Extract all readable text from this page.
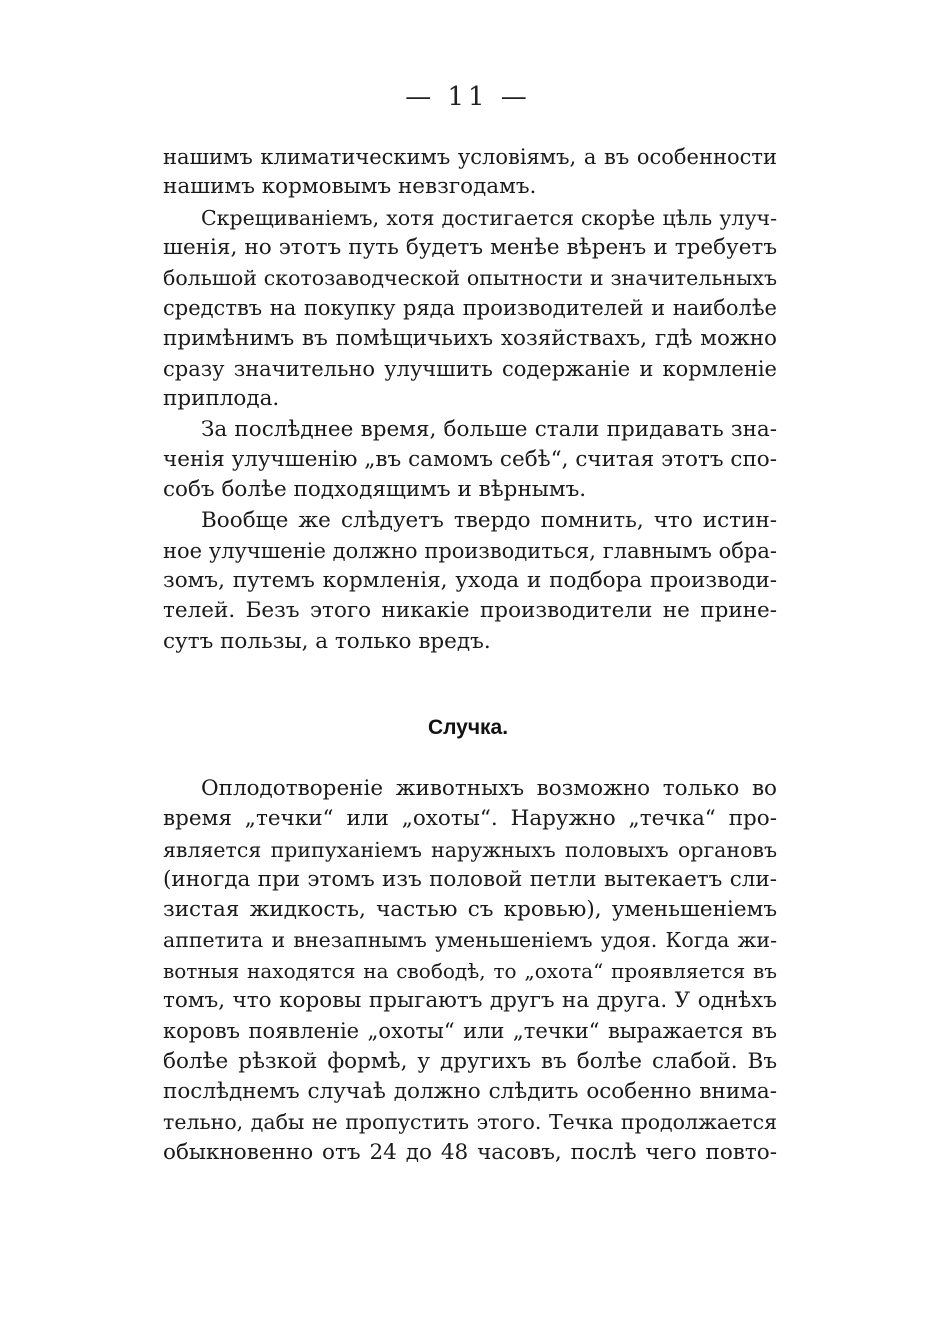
— 11 —
нашимъ климатическимъ условіямъ, а въ особенности
нашимъ кормовымъ невзгодамъ.
Скрещиваніемъ, хотя достигается скорѣе цѣль улуч-
шенія, но этотъ путь будетъ менѣе вѣренъ и требуетъ
большой скотозаводческой опытности и значительныхъ
средствъ на покупку ряда производителей и наиболѣе
примѣнимъ въ помѣщичьихъ хозяйствахъ, гдѣ можно
сразу значительно улучшить содержаніе и кормленіе
приплода.
За послѣднее время, больше стали придавать зна-
ченія улучшенію „въ самомъ себѣ“, считая этотъ спо-
собъ болѣе подходящимъ и вѣрнымъ.
Вообще же слѣдуетъ твердо помнить, что истин-
ное улучшеніе должно производиться, главнымъ обра-
зомъ, путемъ кормленія, ухода и подбора производи-
телей. Безъ этого никакіе производители не прине-
сутъ пользы, а только вредъ.
Случка.
Оплодотвореніе животныхъ возможно только во
время „течки“ или „охоты“. Наружно „течка“ про-
является припуханіемъ наружныхъ половыхъ органовъ
(иногда при этомъ изъ половой петли вытекаетъ сли-
зистая жидкость, частью съ кровью), уменьшеніемъ
аппетита и внезапнымъ уменьшеніемъ удоя. Когда жи-
вотныя находятся на свободѣ, то „охота“ проявляется въ
томъ, что коровы прыгаютъ другъ на друга. У однѣхъ
коровъ появленіе „охоты“ или „течки“ выражается въ
болѣе рѣзкой формѣ, у другихъ въ болѣе слабой. Въ
послѣднемъ случаѣ должно слѣдить особенно внима-
тельно, дабы не пропустить этого. Течка продолжается
обыкновенно отъ 24 до 48 часовъ, послѣ чего повто-
